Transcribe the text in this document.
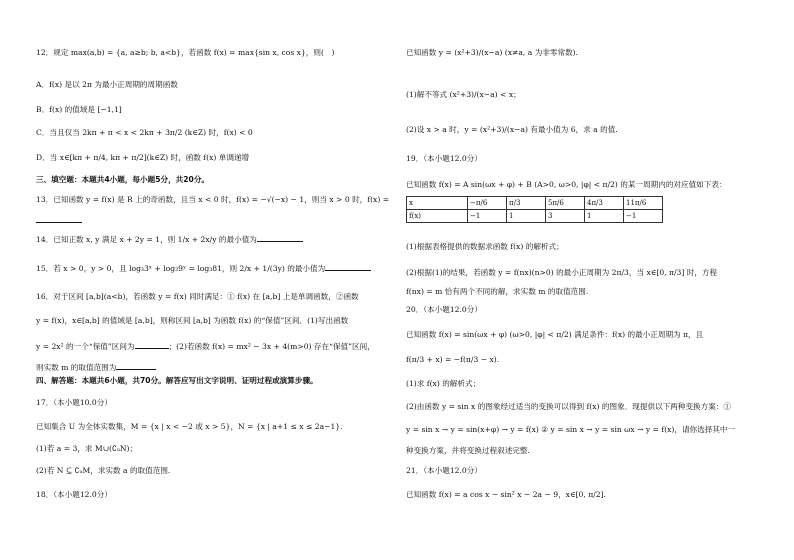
12．规定 max(a,b) = {a, a≥b; b, a<b}，若函数 f(x) = max{sin x, cos x}，则(　)
A．f(x) 是以 2π 为最小正周期的周期函数
B．f(x) 的值域是 [−1,1]
C．当且仅当 2kπ + π < x < 2kπ + 3π/2 (k∈Z) 时，f(x) < 0
D．当 x∈[kπ + π/4, kπ + π/2](k∈Z) 时，函数 f(x) 单调递增
三、填空题：本题共4小题，每小题5分，共20分。
13．已知函数 y = f(x) 是 R 上的奇函数，且当 x < 0 时，f(x) = −√(−x) − 1，则当 x > 0 时，f(x) =
14．已知正数 x, y 满足 x + 2y = 1，则 1/x + 2x/y 的最小值为
15．若 x > 0，y > 0，且 log₃3ˣ + log₃9ʸ = log₃81，则 2/x + 1/(3y) 的最小值为
16．对于区间 [a,b](a<b)，若函数 y = f(x) 同时满足：① f(x) 在 [a,b] 上是单调函数，②函数
y = f(x)，x∈[a,b] 的值域是 [a,b]，则称区间 [a,b] 为函数 f(x) 的“保值”区间．(1)写出函数
y = 2x² 的一个“保值”区间为	；(2)若函数 f(x) = mx² − 3x + 4(m>0) 存在“保值”区间，
则实数 m 的取值范围为
四、解答题：本题共6小题，共70分。解答应写出文字说明、证明过程或演算步骤。
17．（本小题10.0分）
已知集合 U 为全体实数集，M = {x | x < −2 或 x > 5}，N = {x | a+1 ≤ x ≤ 2a−1}.
(1)若 a = 3，求 M∪(∁ᵤN)；
(2)若 N ⊆ ∁ᵤM，求实数 a 的取值范围.
18．（本小题12.0分）
已知函数 y = (x²+3)/(x−a) (x≠a, a 为非零常数).
(1)解不等式 (x²+3)/(x−a) < x；
(2)设 x > a 时，y = (x²+3)/(x−a) 有最小值为 6，求 a 的值.
19．（本小题12.0分）
已知函数 f(x) = A sin(ωx + φ) + B (A>0, ω>0, |φ| < π/2) 的某一周期内的对应值如下表：
x	−π/6	π/3	5π/6	4π/3	11π/6
f(x)	−1	1	3	1	−1
(1)根据表格提供的数据求函数 f(x) 的解析式；
(2)根据(1)的结果，若函数 y = f(nx)(n>0) 的最小正周期为 2π/3，当 x∈[0, π/3] 时，方程
f(nx) = m 恰有两个不同的解，求实数 m 的取值范围.
20．（本小题12.0分）
已知函数 f(x) = sin(ωx + φ) (ω>0, |φ| < π/2) 满足条件：f(x) 的最小正周期为 π，且
f(π/3 + x) = −f(π/3 − x).
(1)求 f(x) 的解析式；
(2)由函数 y = sin x 的图象经过适当的变换可以得到 f(x) 的图象．现提供以下两种变换方案：①
y = sin x → y = sin(x+φ) → y = f(x) ② y = sin x → y = sin ωx → y = f(x)，请你选择其中一
种变换方案，并将变换过程叙述完整.
21．（本小题12.0分）
已知函数 f(x) = a cos x − sin² x − 2a − 9，x∈[0, π/2].
